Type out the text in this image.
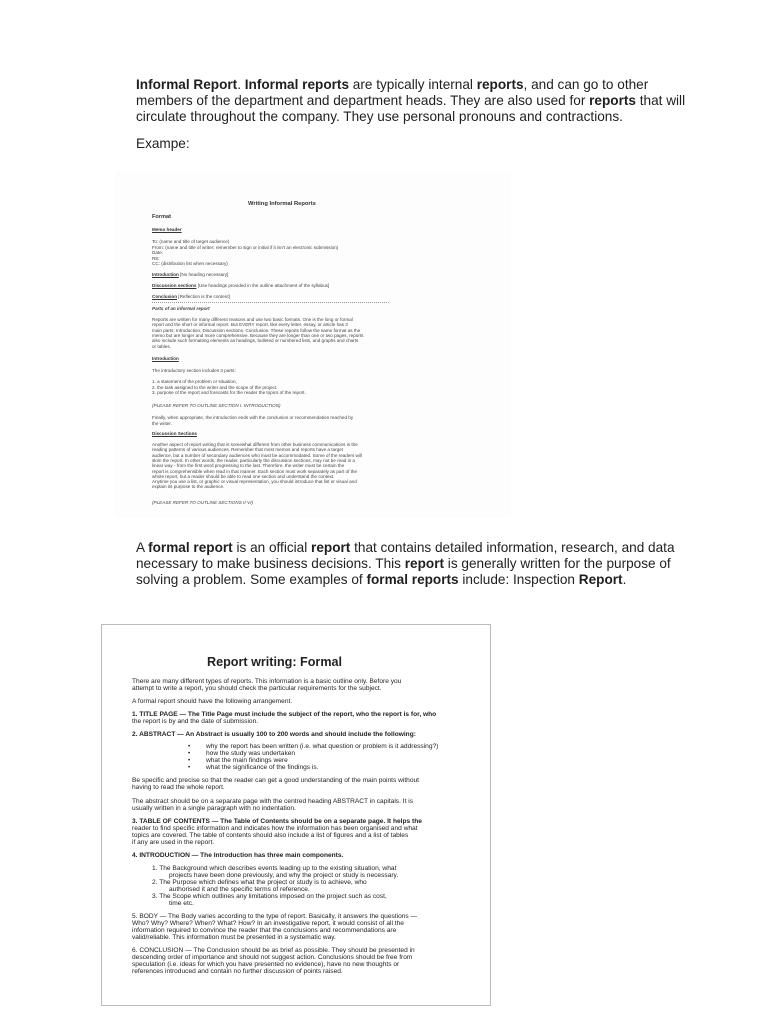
Informal Report. Informal reports are typically internal reports, and can go to other members of the department and department heads. They are also used for reports that will circulate throughout the company. They use personal pronouns and contractions.

Exampe:

Writing Informal Reports
Format
Memo header
To: (name and title of target audience)
From: (name and title of writer; remember to sign or initial if it isn't an electronic submission)
Date:
RE:
CC: (distribution list when necessary)
Introduction [No heading necessary]
Discussion sections [Use headings provided in the outline attachment of the syllabus]
Conclusion [Reflection is the content]
Parts of an informal report
Reports are written for many different reasons and use two basic formats. One is the long or formal
report and the short or informal report. But EVERY report, like every letter, essay, or article has 3
main parts: Introduction, Discussion sections, Conclusion. These reports follow the same format as the
memo but are longer and more comprehensive. Because they are longer than one or two pages, reports
also include such formatting elements as headings, bulleted or numbered lists, and graphs and charts
or tables.
Introduction
The introductory section includes 3 parts:
1. a statement of the problem or situation,
2. the task assigned to the writer and the scope of the project.
3. purpose of the report and forecasts for the reader the topics of the report.
(PLEASE REFER TO OUTLINE SECTION I. INTRODUCTION)
Finally, when appropriate, the introduction ends with the conclusion or recommendation reached by
the writer.
Discussion Sections
Another aspect of report writing that is somewhat different from other business communications is the
reading patterns of various audiences. Remember that most memos and reports have a target
audience, but a number of secondary audiences who must be accommodated. Some of the readers will
skim the report. In other words, the reader, particularly the discussion sections, may not be read in a
linear way - from the first word progressing to the last. Therefore, the writer must be certain the
report is comprehensible when read in that manner. Each section must work separately as part of the
whole report, but a reader should be able to read one section and understand the context.
Anytime you use a list, or graphic or visual representation, you should introduce that list or visual and
explain its purpose to the audience.
(PLEASE REFER TO OUTLINE SECTIONS II-VI)

A formal report is an official report that contains detailed information, research, and data necessary to make business decisions. This report is generally written for the purpose of solving a problem. Some examples of formal reports include: Inspection Report.

Report writing: Formal
There are many different types of reports. This information is a basic outline only. Before you
attempt to write a report, you should check the particular requirements for the subject.
A formal report should have the following arrangement.
1. TITLE PAGE — The Title Page must include the subject of the report, who the report is for, who
the report is by and the date of submission.
2. ABSTRACT — An Abstract is usually 100 to 200 words and should include the following:
• why the report has been written (i.e. what question or problem is it addressing?)
• how the study was undertaken
• what the main findings were
• what the significance of the findings is.
Be specific and precise so that the reader can get a good understanding of the main points without
having to read the whole report.
The abstract should be on a separate page with the centred heading ABSTRACT in capitals. It is
usually written in a single paragraph with no indentation.
3. TABLE OF CONTENTS — The Table of Contents should be on a separate page. It helps the
reader to find specific information and indicates how the information has been organised and what
topics are covered. The table of contents should also include a list of figures and a list of tables
if any are used in the report.
4. INTRODUCTION — The Introduction has three main components.
1. The Background which describes events leading up to the existing situation, what
projects have been done previously, and why the project or study is necessary.
2. The Purpose which defines what the project or study is to achieve, who
authorised it and the specific terms of reference.
3. The Scope which outlines any limitations imposed on the project such as cost,
time etc.
5. BODY — The Body varies according to the type of report. Basically, it answers the questions —
Who? Why? Where? When? What? How? In an investigative report, it would consist of all the
information required to convince the reader that the conclusions and recommendations are
valid/reliable. This information must be presented in a systematic way.
6. CONCLUSION — The Conclusion should be as brief as possible. They should be presented in
descending order of importance and should not suggest action. Conclusions should be free from
speculation (i.e. ideas for which you have presented no evidence), have no new thoughts or
references introduced and contain no further discussion of points raised.
